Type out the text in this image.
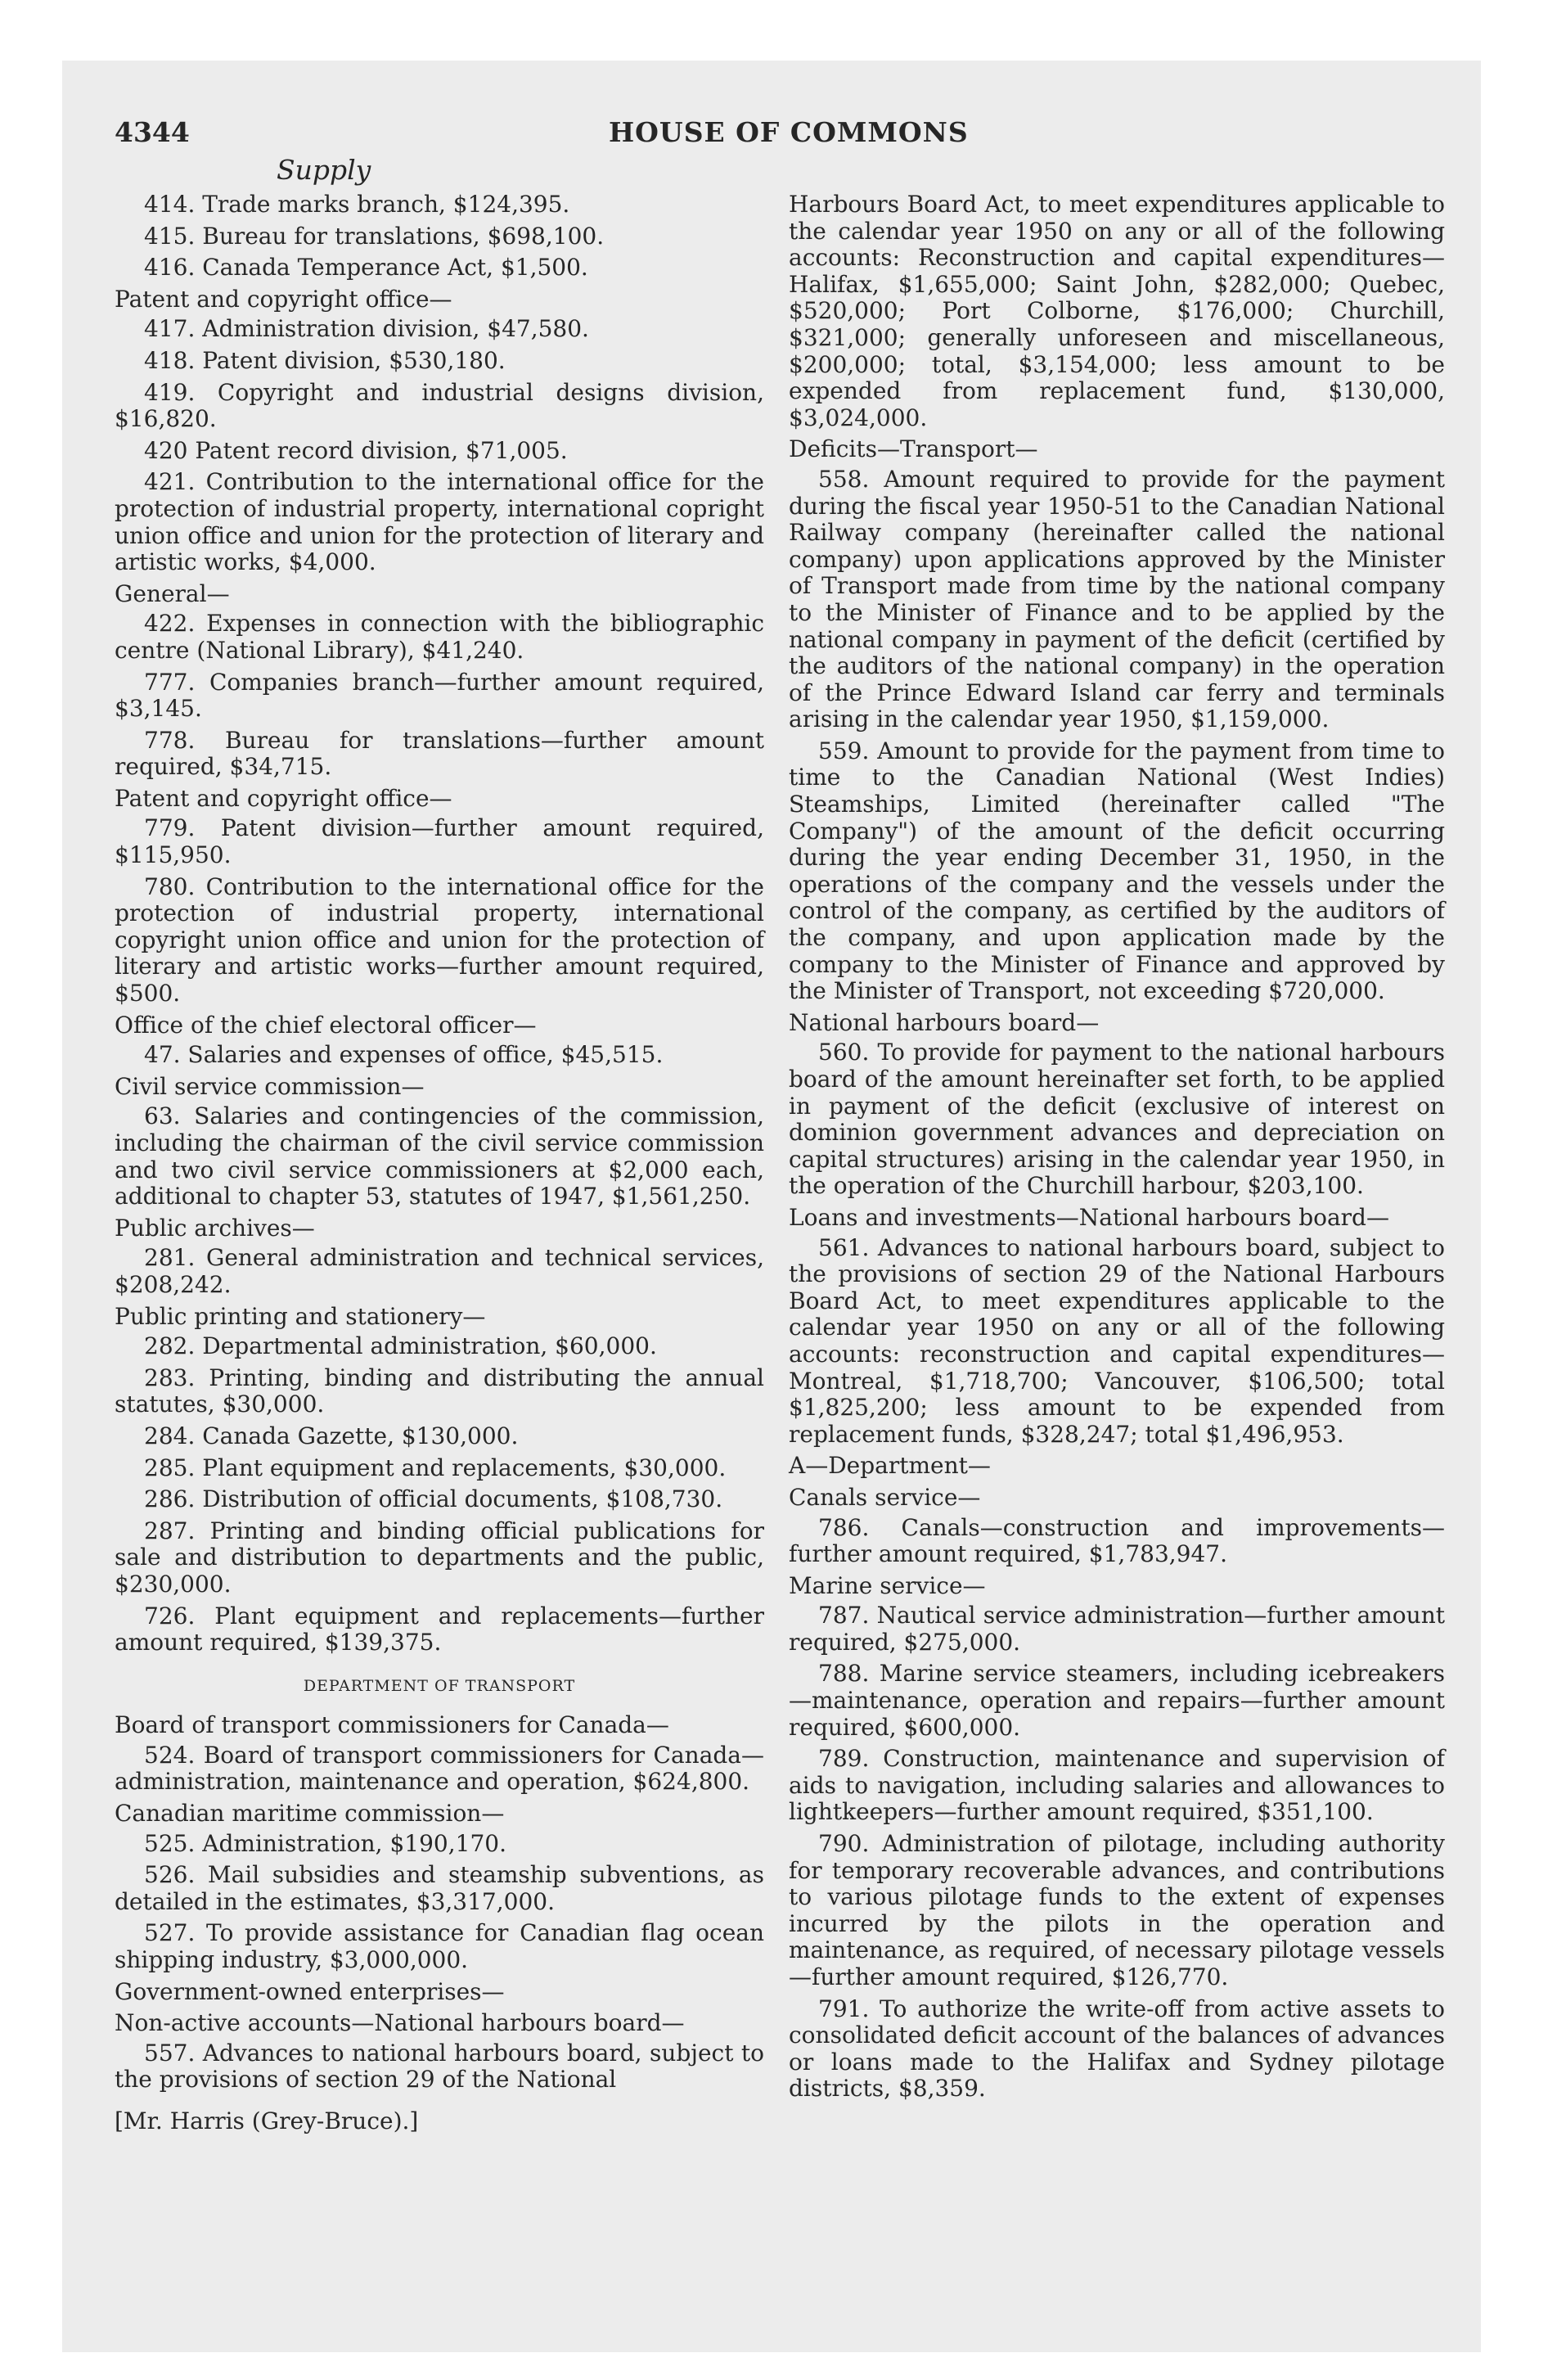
4344	HOUSE OF COMMONS
Supply

414. Trade marks branch, $124,395.

415. Bureau for translations, $698,100.

416. Canada Temperance Act, $1,500.

Patent and copyright office—

417. Administration division, $47,580.

418. Patent division, $530,180.

419. Copyright and industrial designs division, $16,820.

420 Patent record division, $71,005.

421. Contribution to the international office for the protection of industrial property, international copright union office and union for the protection of literary and artistic works, $4,000.

General—

422. Expenses in connection with the bibliographic centre (National Library), $41,240.

777. Companies branch—further amount required, $3,145.

778. Bureau for translations—further amount required, $34,715.

Patent and copyright office—

779. Patent division—further amount required, $115,950.

780. Contribution to the international office for the protection of industrial property, international copyright union office and union for the protection of literary and artistic works—further amount required, $500.

Office of the chief electoral officer—

47. Salaries and expenses of office, $45,515.

Civil service commission—

63. Salaries and contingencies of the commission, including the chairman of the civil service commission and two civil service commissioners at $2,000 each, additional to chapter 53, statutes of 1947, $1,561,250.

Public archives—

281. General administration and technical services, $208,242.

Public printing and stationery—

282. Departmental administration, $60,000.

283. Printing, binding and distributing the annual statutes, $30,000.

284. Canada Gazette, $130,000.

285. Plant equipment and replacements, $30,000.

286. Distribution of official documents, $108,730.

287. Printing and binding official publications for sale and distribution to departments and the public, $230,000.

726. Plant equipment and replacements—further amount required, $139,375.

DEPARTMENT OF TRANSPORT

Board of transport commissioners for Canada—

524. Board of transport commissioners for Canada—administration, maintenance and operation, $624,800.

Canadian maritime commission—

525. Administration, $190,170.

526. Mail subsidies and steamship subventions, as detailed in the estimates, $3,317,000.

527. To provide assistance for Canadian flag ocean shipping industry, $3,000,000.

Government-owned enterprises—

Non-active accounts—National harbours board—

557. Advances to national harbours board, subject to the provisions of section 29 of the National

[Mr. Harris (Grey-Bruce).]

Harbours Board Act, to meet expenditures applicable to the calendar year 1950 on any or all of the following accounts: Reconstruction and capital expenditures—Halifax, $1,655,000; Saint John, $282,000; Quebec, $520,000; Port Colborne, $176,000; Churchill, $321,000; generally unforeseen and miscellaneous, $200,000; total, $3,154,000; less amount to be expended from replacement fund, $130,000, $3,024,000.

Deficits—Transport—

558. Amount required to provide for the payment during the fiscal year 1950-51 to the Canadian National Railway company (hereinafter called the national company) upon applications approved by the Minister of Transport made from time by the national company to the Minister of Finance and to be applied by the national company in payment of the deficit (certified by the auditors of the national company) in the operation of the Prince Edward Island car ferry and terminals arising in the calendar year 1950, $1,159,000.

559. Amount to provide for the payment from time to time to the Canadian National (West Indies) Steamships, Limited (hereinafter called "The Company") of the amount of the deficit occurring during the year ending December 31, 1950, in the operations of the company and the vessels under the control of the company, as certified by the auditors of the company, and upon application made by the company to the Minister of Finance and approved by the Minister of Transport, not exceeding $720,000.

National harbours board—

560. To provide for payment to the national harbours board of the amount hereinafter set forth, to be applied in payment of the deficit (exclusive of interest on dominion government advances and depreciation on capital structures) arising in the calendar year 1950, in the operation of the Churchill harbour, $203,100.

Loans and investments—National harbours board—

561. Advances to national harbours board, subject to the provisions of section 29 of the National Harbours Board Act, to meet expenditures applicable to the calendar year 1950 on any or all of the following accounts: reconstruction and capital expenditures—Montreal, $1,718,700; Vancouver, $106,500; total $1,825,200; less amount to be expended from replacement funds, $328,247; total $1,496,953.

A—Department—

Canals service—

786. Canals—construction and improvements—further amount required, $1,783,947.

Marine service—

787. Nautical service administration—further amount required, $275,000.

788. Marine service steamers, including icebreakers—maintenance, operation and repairs—further amount required, $600,000.

789. Construction, maintenance and supervision of aids to navigation, including salaries and allowances to lightkeepers—further amount required, $351,100.

790. Administration of pilotage, including authority for temporary recoverable advances, and contributions to various pilotage funds to the extent of expenses incurred by the pilots in the operation and maintenance, as required, of necessary pilotage vessels—further amount required, $126,770.

791. To authorize the write-off from active assets to consolidated deficit account of the balances of advances or loans made to the Halifax and Sydney pilotage districts, $8,359.
